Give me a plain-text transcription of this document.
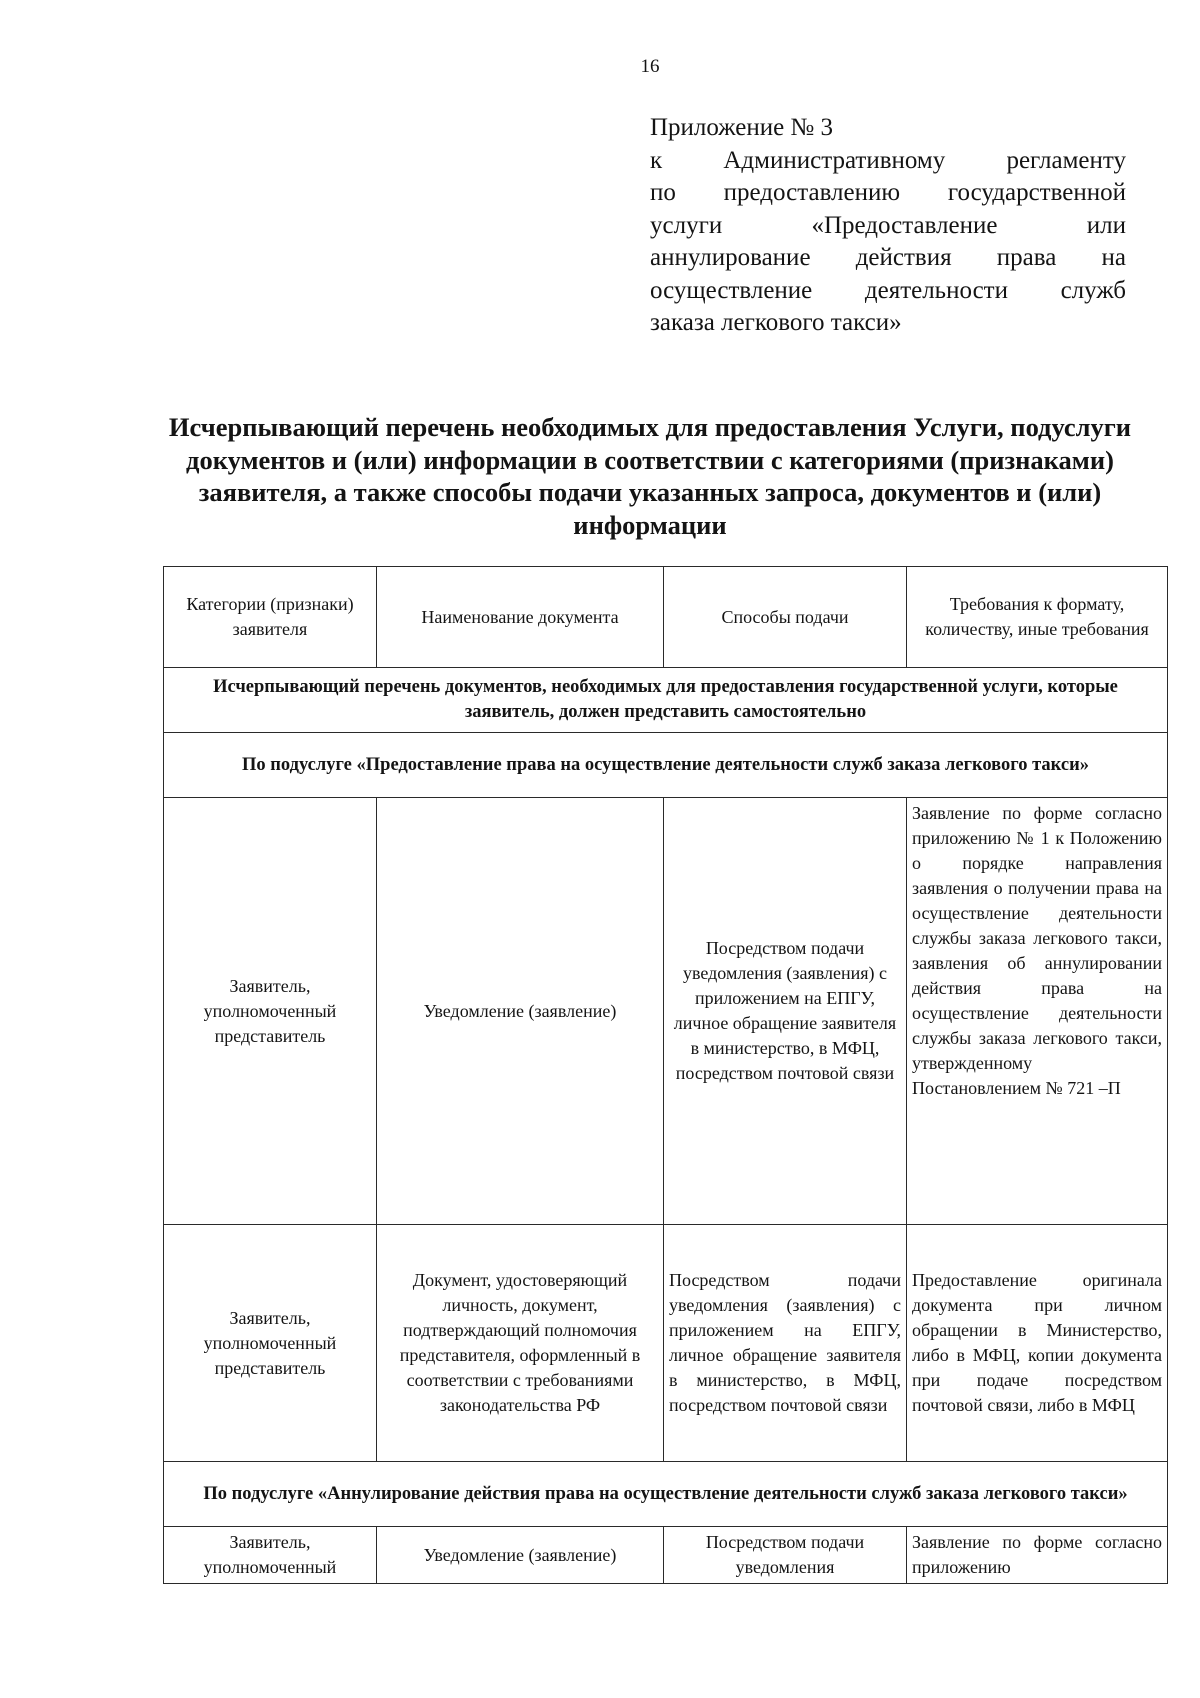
16
Приложение № 3
к Административному регламенту
по предоставлению государственной
услуги «Предоставление или
аннулирование действия права на
осуществление деятельности служб
заказа легкового такси»
Исчерпывающий перечень необходимых для предоставления Услуги, подуслуги документов и (или) информации в соответствии с категориями (признаками) заявителя, а также способы подачи указанных запроса, документов и (или) информации
Категории (признаки) заявителя	Наименование документа	Способы подачи	Требования к формату, количеству, иные требования
Исчерпывающий перечень документов, необходимых для предоставления государственной услуги, которые заявитель, должен представить самостоятельно			
По подуслуге «Предоставление права на осуществление деятельности служб заказа легкового такси»			
Заявитель, уполномоченный представитель	Уведомление (заявление)	Посредством подачи уведомления (заявления) с приложением на ЕПГУ, личное обращение заявителя в министерство, в МФЦ, посредством почтовой связи	Заявление по форме согласно приложению № 1 к Положению о порядке направления заявления о получении права на осуществление деятельности службы заказа легкового такси, заявления об аннулировании действия права на осуществление деятельности службы заказа легкового такси, утвержденному Постановлением № 721 –П
Заявитель, уполномоченный представитель	Документ, удостоверяющий личность, документ, подтверждающий полномочия представителя, оформленный в соответствии с требованиями законодательства РФ	Посредством подачи уведомления (заявления) с приложением на ЕПГУ, личное обращение заявителя в министерство, в МФЦ, посредством почтовой связи	Предоставление оригинала документа при личном обращении в Министерство, либо в МФЦ, копии документа при подаче посредством почтовой связи, либо в МФЦ
По подуслуге «Аннулирование действия права на осуществление деятельности служб заказа легкового такси»			
Заявитель, уполномоченный	Уведомление (заявление)	Посредством подачи уведомления	Заявление по форме согласно приложению
